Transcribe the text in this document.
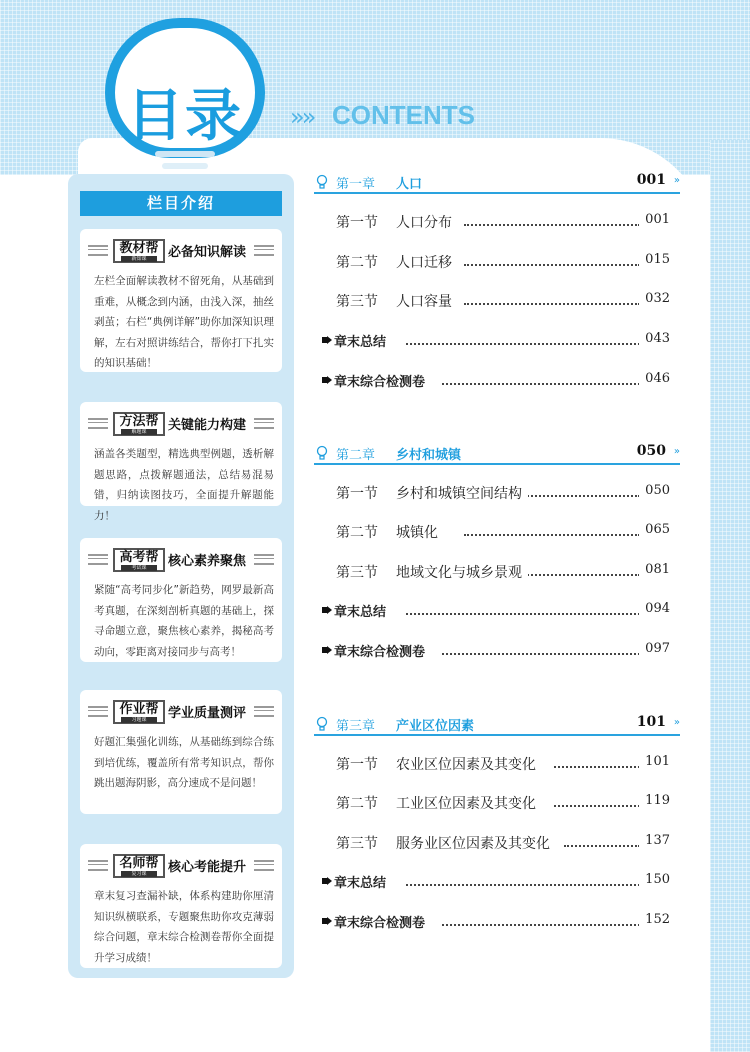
目录 »» CONTENTS
栏目介绍
教材帮
新知课	必备知识解读
左栏全面解读教材不留死角，从基础到重难，从概念到内涵，由浅入深，抽丝剥茧；右栏“典例详解”助你加深知识理解，左右对照讲练结合，帮你打下扎实的知识基础！
方法帮
解题课	关键能力构建
涵盖各类题型，精选典型例题，透析解题思路，点拨解题通法，总结易混易错，归纳读图技巧，全面提升解题能力！
高考帮
考试课	核心素养聚焦
紧随“高考同步化”新趋势，网罗最新高考真题，在深刻剖析真题的基础上，探寻命题立意，聚焦核心素养，揭秘高考动向，零距离对接同步与高考！
作业帮
习题课	学业质量测评
好题汇集强化训练，从基础练到综合练到培优练，覆盖所有常考知识点，帮你跳出题海阴影，高分速成不是问题！
名师帮
复习课	核心考能提升
章末复习查漏补缺，体系构建助你厘清知识纵横联系，专题聚焦助你攻克薄弱综合问题，章末综合检测卷帮你全面提升学习成绩！
第一章 人口	001 »
第一节 人口分布	001
第二节 人口迁移	015
第三节 人口容量	032
章末总结	043
章末综合检测卷	046
第二章 乡村和城镇	050 »
第一节 乡村和城镇空间结构	050
第二节 城镇化	065
第三节 地域文化与城乡景观	081
章末总结	094
章末综合检测卷	097
第三章 产业区位因素	101 »
第一节 农业区位因素及其变化	101
第二节 工业区位因素及其变化	119
第三节 服务业区位因素及其变化	137
章末总结	150
章末综合检测卷	152
